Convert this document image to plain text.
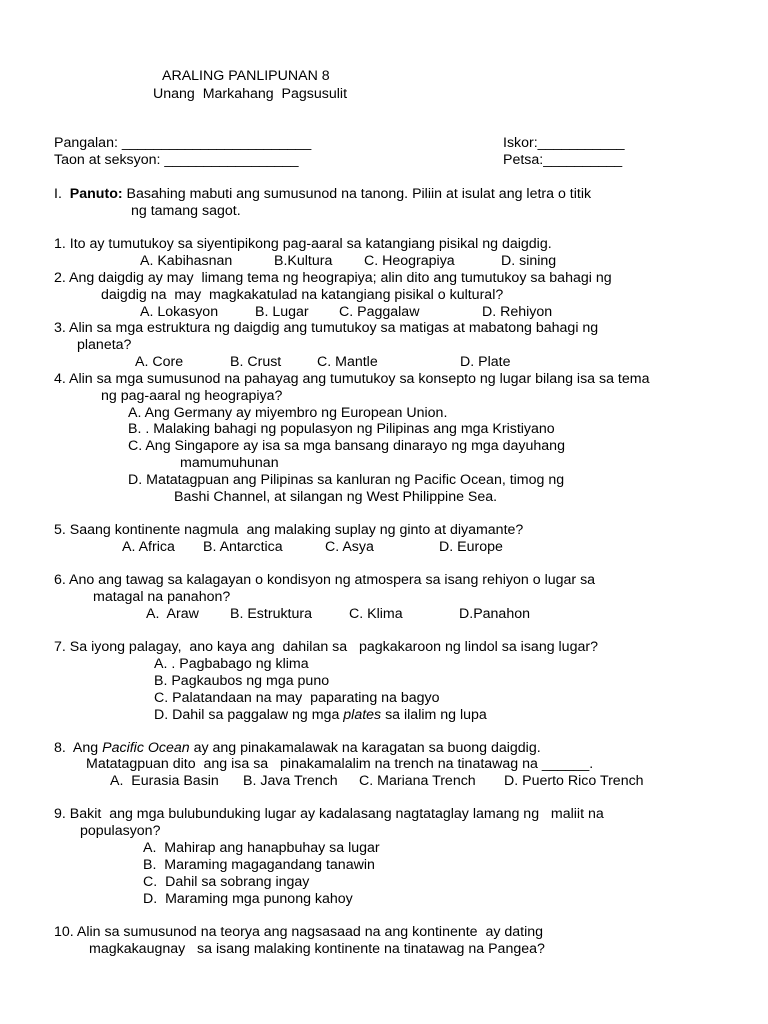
ARALING PANLIPUNAN 8
Unang  Markahang  Pagsusulit
Pangalan: ________________________	Iskor:___________
Taon at seksyon: _________________	Petsa:__________
I. Panuto: Basahing mabuti ang sumusunod na tanong. Piliin at isulat ang letra o titik
ng tamang sagot.
1. Ito ay tumutukoy sa siyentipikong pag-aaral sa katangiang pisikal ng daigdig.
A. Kabihasnan	B.Kultura C. Heograpiya	D. sining
2. Ang daigdig ay may  limang tema ng heograpiya; alin dito ang tumutukoy sa bahagi ng
daigdig na  may  magkakatulad na katangiang pisikal o kultural?
A. Lokasyon	B. Lugar C. Paggalaw	D. Rehiyon
3. Alin sa mga estruktura ng daigdig ang tumutukoy sa matigas at mabatong bahagi ng
planeta?
A. Core	B. Crust	C. Mantle	D. Plate
4. Alin sa mga sumusunod na pahayag ang tumutukoy sa konsepto ng lugar bilang isa sa tema
ng pag-aaral ng heograpiya?
A. Ang Germany ay miyembro ng European Union.
B. . Malaking bahagi ng populasyon ng Pilipinas ang mga Kristiyano
C. Ang Singapore ay isa sa mga bansang dinarayo ng mga dayuhang
mamumuhunan
D. Matatagpuan ang Pilipinas sa kanluran ng Pacific Ocean, timog ng
Bashi Channel, at silangan ng West Philippine Sea.
5. Saang kontinente nagmula  ang malaking suplay ng ginto at diyamante?
A. Africa B. Antarctica	C. Asya	D. Europe
6. Ano ang tawag sa kalagayan o kondisyon ng atmospera sa isang rehiyon o lugar sa
matagal na panahon?
A.  Araw B. Estruktura	C. Klima	D.Panahon
7. Sa iyong palagay,  ano kaya ang  dahilan sa   pagkakaroon ng lindol sa isang lugar?
A. . Pagbabago ng klima
B. Pagkaubos ng mga puno
C. Palatandaan na may  paparating na bagyo
D. Dahil sa paggalaw ng mga plates sa ilalim ng lupa
8.  Ang Pacific Ocean ay ang pinakamalawak na karagatan sa buong daigdig.
Matatagpuan dito  ang isa sa   pinakamalalim na trench na tinatawag na ______.
A.  Eurasia Basin B. Java Trench C. Mariana Trench D. Puerto Rico Trench
9. Bakit  ang mga bulubunduking lugar ay kadalasang nagtataglay lamang ng   maliit na
populasyon?
A.  Mahirap ang hanapbuhay sa lugar
B.  Maraming magagandang tanawin
C.  Dahil sa sobrang ingay
D.  Maraming mga punong kahoy
10. Alin sa sumusunod na teorya ang nagsasaad na ang kontinente  ay dating
magkakaugnay   sa isang malaking kontinente na tinatawag na Pangea?
